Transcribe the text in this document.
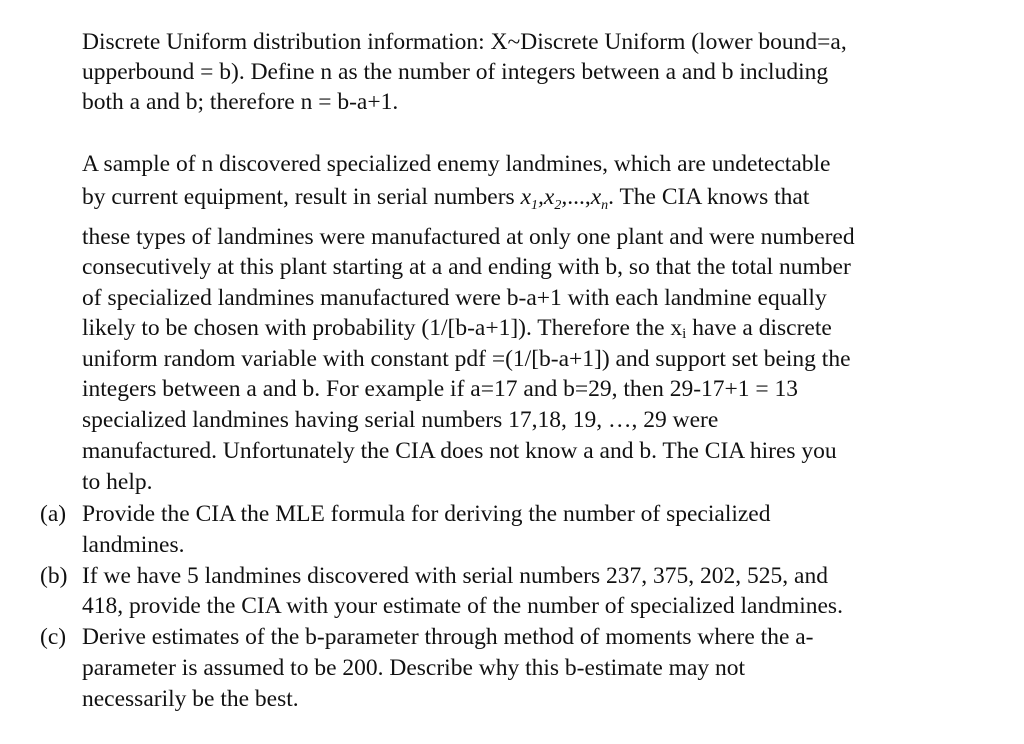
Discrete Uniform distribution information: X~Discrete Uniform (lower bound=a,
upperbound = b). Define n as the number of integers between a and b including
both a and b; therefore n = b-a+1.
A sample of n discovered specialized enemy landmines, which are undetectable
by current equipment, result in serial numbers $x_1,x_2,...,x_n$. The CIA knows that
these types of landmines were manufactured at only one plant and were numbered
consecutively at this plant starting at a and ending with b, so that the total number
of specialized landmines manufactured were b-a+1 with each landmine equally
likely to be chosen with probability (1/[b-a+1]). Therefore the $x_i$ have a discrete
uniform random variable with constant pdf =(1/[b-a+1]) and support set being the
integers between a and b. For example if a=17 and b=29, then 29-17+1 = 13
specialized landmines having serial numbers 17,18, 19, …, 29 were
manufactured. Unfortunately the CIA does not know a and b. The CIA hires you
to help.
(a) Provide the CIA the MLE formula for deriving the number of specialized
landmines.
(b) If we have 5 landmines discovered with serial numbers 237, 375, 202, 525, and
418, provide the CIA with your estimate of the number of specialized landmines.
(c) Derive estimates of the b-parameter through method of moments where the a-
parameter is assumed to be 200. Describe why this b-estimate may not
necessarily be the best.
